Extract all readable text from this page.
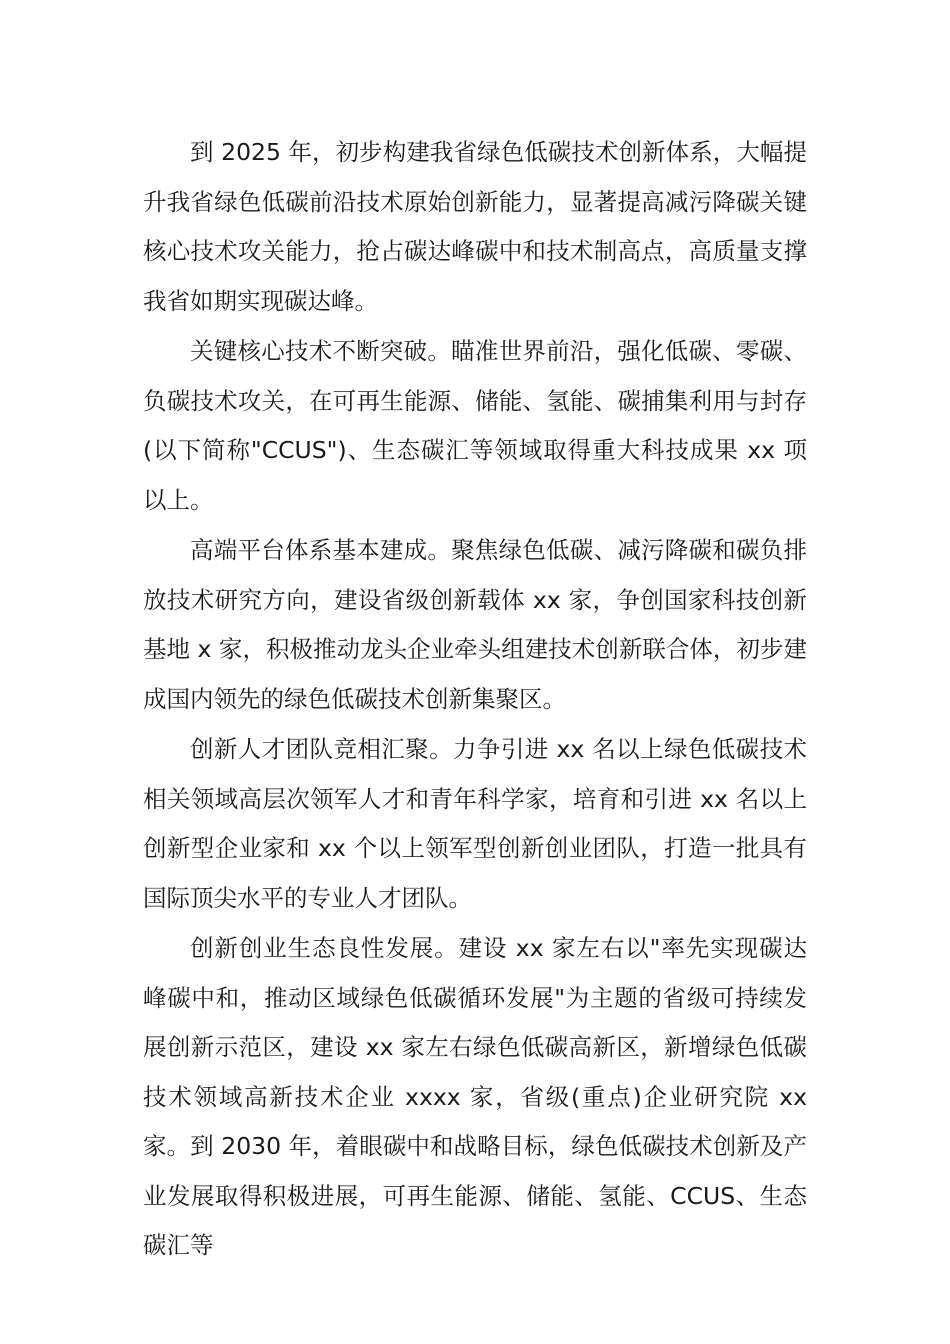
到 2025 年，初步构建我省绿色低碳技术创新体系，大幅提升我省绿色低碳前沿技术原始创新能力，显著提高减污降碳关键核心技术攻关能力，抢占碳达峰碳中和技术制高点，高质量支撑我省如期实现碳达峰。

关键核心技术不断突破。瞄准世界前沿，强化低碳、零碳、负碳技术攻关，在可再生能源、储能、氢能、碳捕集利用与封存(以下简称"CCUS")、生态碳汇等领域取得重大科技成果 xx 项以上。

高端平台体系基本建成。聚焦绿色低碳、减污降碳和碳负排放技术研究方向，建设省级创新载体 xx 家，争创国家科技创新基地 x 家，积极推动龙头企业牵头组建技术创新联合体，初步建成国内领先的绿色低碳技术创新集聚区。

创新人才团队竞相汇聚。力争引进 xx 名以上绿色低碳技术相关领域高层次领军人才和青年科学家，培育和引进 xx 名以上创新型企业家和 xx 个以上领军型创新创业团队，打造一批具有国际顶尖水平的专业人才团队。

创新创业生态良性发展。建设 xx 家左右以"率先实现碳达峰碳中和，推动区域绿色低碳循环发展"为主题的省级可持续发展创新示范区，建设 xx 家左右绿色低碳高新区，新增绿色低碳技术领域高新技术企业 xxxx 家，省级(重点)企业研究院 xx 家。到 2030 年，着眼碳中和战略目标，绿色低碳技术创新及产业发展取得积极进展，可再生能源、储能、氢能、CCUS、生态碳汇等
